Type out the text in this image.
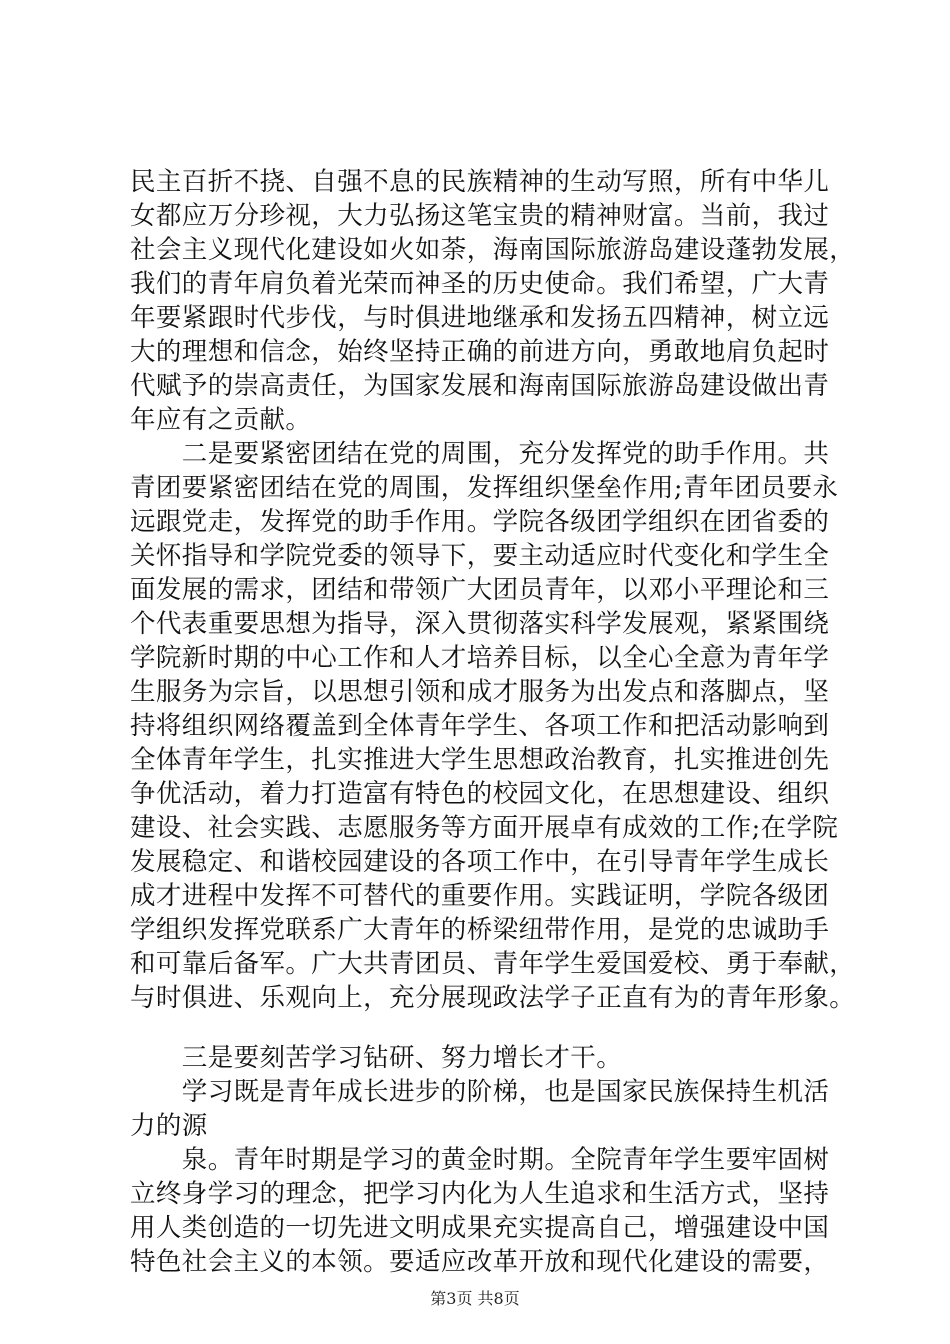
民主百折不挠、自强不息的民族精神的生动写照，所有中华儿

女都应万分珍视，大力弘扬这笔宝贵的精神财富。当前，我过

社会主义现代化建设如火如荼，海南国际旅游岛建设蓬勃发展，

我们的青年肩负着光荣而神圣的历史使命。我们希望，广大青

年要紧跟时代步伐，与时俱进地继承和发扬五四精神，树立远

大的理想和信念，始终坚持正确的前进方向，勇敢地肩负起时

代赋予的崇高责任，为国家发展和海南国际旅游岛建设做出青

年应有之贡献。

　　二是要紧密团结在党的周围，充分发挥党的助手作用。共

青团要紧密团结在党的周围，发挥组织堡垒作用;青年团员要永

远跟党走，发挥党的助手作用。学院各级团学组织在团省委的

关怀指导和学院党委的领导下，要主动适应时代变化和学生全

面发展的需求，团结和带领广大团员青年，以邓小平理论和三

个代表重要思想为指导，深入贯彻落实科学发展观，紧紧围绕

学院新时期的中心工作和人才培养目标，以全心全意为青年学

生服务为宗旨，以思想引领和成才服务为出发点和落脚点，坚

持将组织网络覆盖到全体青年学生、各项工作和把活动影响到

全体青年学生，扎实推进大学生思想政治教育，扎实推进创先

争优活动，着力打造富有特色的校园文化，在思想建设、组织

建设、社会实践、志愿服务等方面开展卓有成效的工作;在学院

发展稳定、和谐校园建设的各项工作中，在引导青年学生成长

成才进程中发挥不可替代的重要作用。实践证明，学院各级团

学组织发挥党联系广大青年的桥梁纽带作用，是党的忠诚助手

和可靠后备军。广大共青团员、青年学生爱国爱校、勇于奉献，

与时俱进、乐观向上，充分展现政法学子正直有为的青年形象。

　　三是要刻苦学习钻研、努力增长才干。

　　学习既是青年成长进步的阶梯，也是国家民族保持生机活

力的源

　　泉。青年时期是学习的黄金时期。全院青年学生要牢固树

立终身学习的理念，把学习内化为人生追求和生活方式，坚持

用人类创造的一切先进文明成果充实提高自己，增强建设中国

特色社会主义的本领。要适应改革开放和现代化建设的需要，

第3页 共8页
